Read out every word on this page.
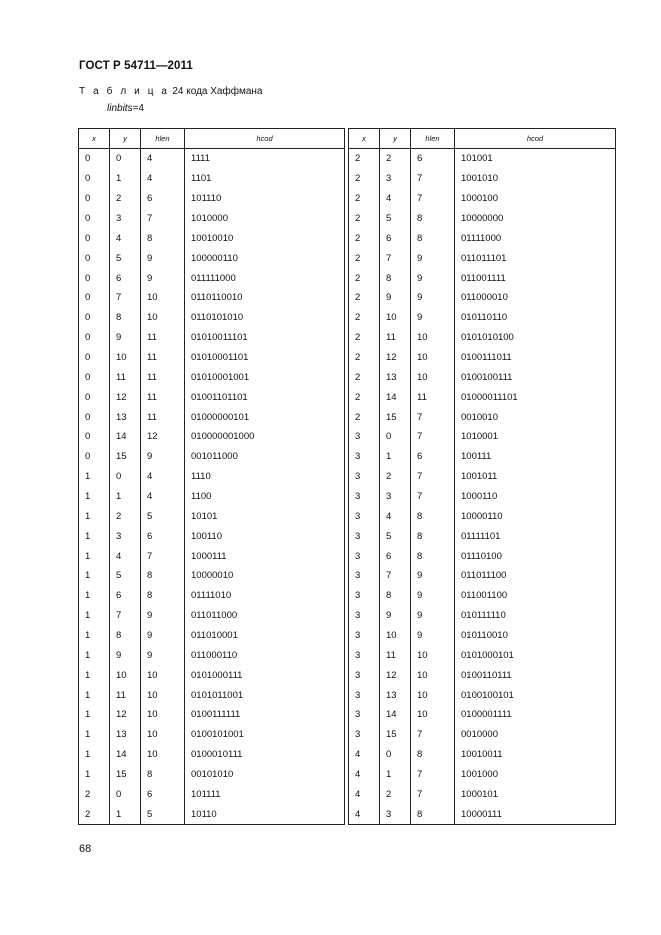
ГОСТ Р 54711—2011
Т а б л и ц а 24 кода Хаффмана
linbits=4
x	y	hlen	hcod
0	0	4	1111
0	1	4	1101
0	2	6	101110
0	3	7	1010000
0	4	8	10010010
0	5	9	100000110
0	6	9	011111000
0	7	10	0110110010
0	8	10	0110101010
0	9	11	01010011101
0	10	11	01010001101
0	11	11	01010001001
0	12	11	01001101101
0	13	11	01000000101
0	14	12	010000001000
0	15	9	001011000
1	0	4	1110
1	1	4	1100
1	2	5	10101
1	3	6	100110
1	4	7	1000111
1	5	8	10000010
1	6	8	01111010
1	7	9	011011000
1	8	9	011010001
1	9	9	011000110
1	10	10	0101000111
1	11	10	0101011001
1	12	10	0100111111
1	13	10	0100101001
1	14	10	0100010111
1	15	8	00101010
2	0	6	101111
2	1	5	10110
x	y	hlen	hcod
2	2	6	101001
2	3	7	1001010
2	4	7	1000100
2	5	8	10000000
2	6	8	01111000
2	7	9	011011101
2	8	9	011001111
2	9	9	011000010
2	10	9	010110110
2	11	10	0101010100
2	12	10	0100111011
2	13	10	0100100111
2	14	11	01000011101
2	15	7	0010010
3	0	7	1010001
3	1	6	100111
3	2	7	1001011
3	3	7	1000110
3	4	8	10000110
3	5	8	01111101
3	6	8	01110100
3	7	9	011011100
3	8	9	011001100
3	9	9	010111110
3	10	9	010110010
3	11	10	0101000101
3	12	10	0100110111
3	13	10	0100100101
3	14	10	0100001111
3	15	7	0010000
4	0	8	10010011
4	1	7	1001000
4	2	7	1000101
4	3	8	10000111
68
